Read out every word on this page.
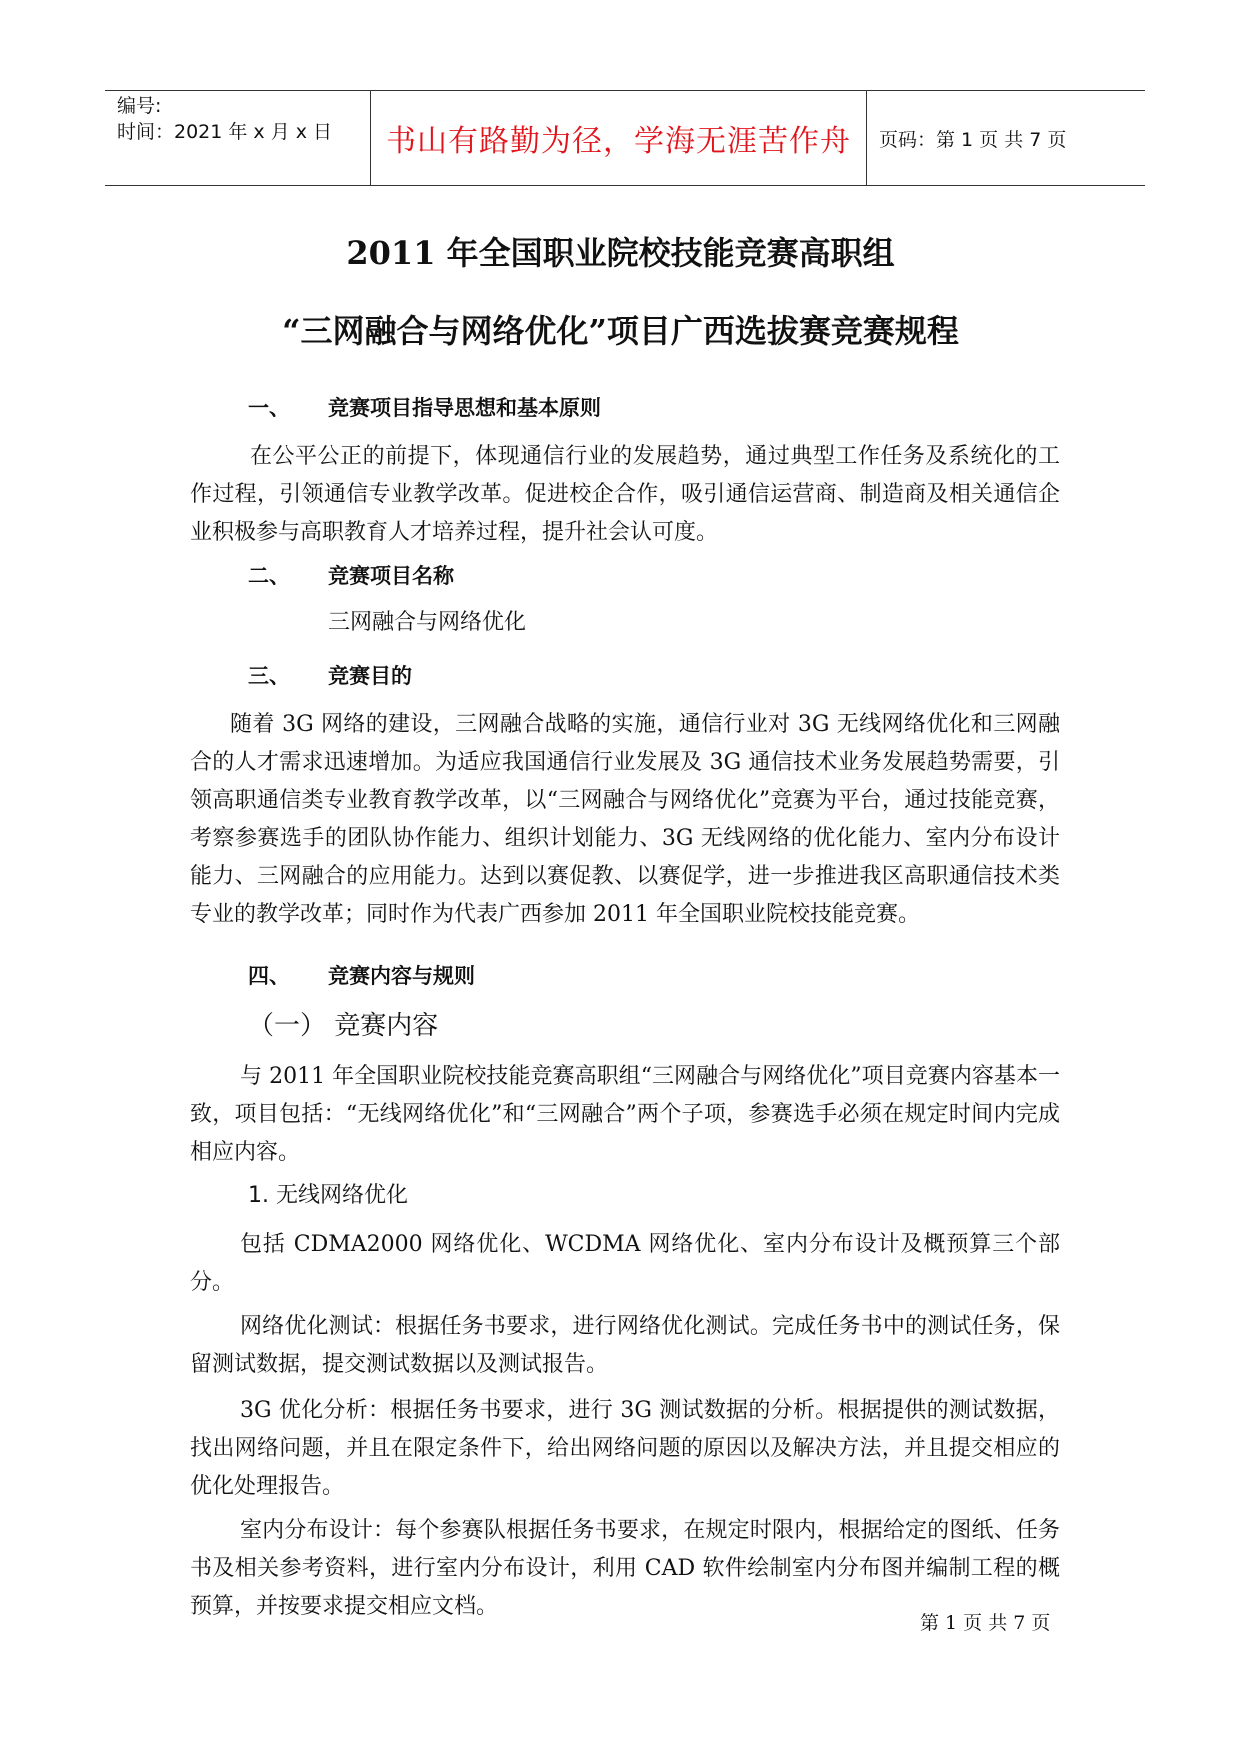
编号:
时间：2021 年 x 月 x 日 书山有路勤为径，学海无涯苦作舟 页码：第 1 页 共 7 页
2011 年全国职业院校技能竞赛高职组
“三网融合与网络优化”项目广西选拔赛竞赛规程
一、 竞赛项目指导思想和基本原则
在公平公正的前提下，体现通信行业的发展趋势，通过典型工作任务及系统化的工作过程，引领通信专业教学改革。促进校企合作，吸引通信运营商、制造商及相关通信企业积极参与高职教育人才培养过程，提升社会认可度。
二、 竞赛项目名称
三网融合与网络优化
三、 竞赛目的
随着 3G 网络的建设，三网融合战略的实施，通信行业对 3G 无线网络优化和三网融合的人才需求迅速增加。为适应我国通信行业发展及 3G 通信技术业务发展趋势需要，引领高职通信类专业教育教学改革，以“三网融合与网络优化”竞赛为平台，通过技能竞赛，考察参赛选手的团队协作能力、组织计划能力、3G 无线网络的优化能力、室内分布设计能力、三网融合的应用能力。达到以赛促教、以赛促学，进一步推进我区高职通信技术类专业的教学改革；同时作为代表广西参加 2011 年全国职业院校技能竞赛。
四、 竞赛内容与规则
（一） 竞赛内容
与 2011 年全国职业院校技能竞赛高职组“三网融合与网络优化”项目竞赛内容基本一致，项目包括：“无线网络优化”和“三网融合”两个子项，参赛选手必须在规定时间内完成相应内容。
1. 无线网络优化
包括 CDMA2000 网络优化、WCDMA 网络优化、室内分布设计及概预算三个部分。
网络优化测试：根据任务书要求，进行网络优化测试。完成任务书中的测试任务，保留测试数据，提交测试数据以及测试报告。
3G 优化分析：根据任务书要求，进行 3G 测试数据的分析。根据提供的测试数据，找出网络问题，并且在限定条件下，给出网络问题的原因以及解决方法，并且提交相应的优化处理报告。
室内分布设计：每个参赛队根据任务书要求，在规定时限内，根据给定的图纸、任务书及相关参考资料，进行室内分布设计，利用 CAD 软件绘制室内分布图并编制工程的概预算，并按要求提交相应文档。
第 1 页 共 7 页
